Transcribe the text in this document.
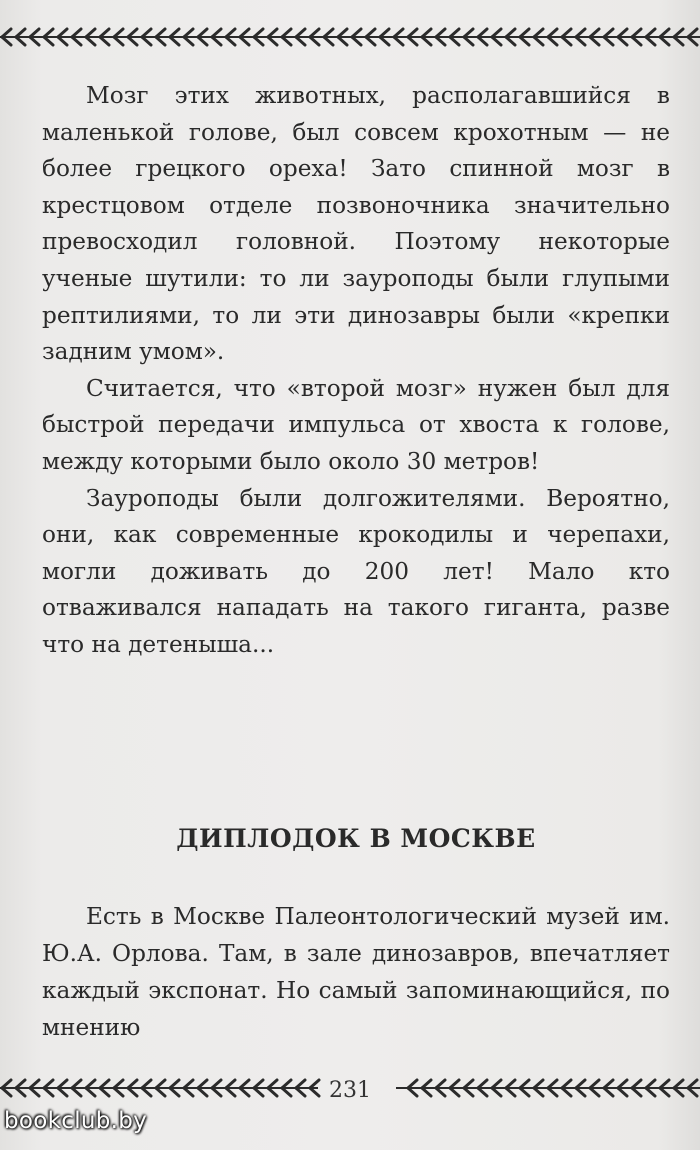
Мозг этих животных, располагавшийся в маленькой голове, был совсем крохотным — не более грецкого ореха! Зато спинной мозг в крестцовом отделе позвоночника значительно превосходил головной. Поэтому некоторые ученые шутили: то ли зауроподы были глупыми рептилиями, то ли эти динозавры были «крепки задним умом».

Считается, что «второй мозг» нужен был для быстрой передачи импульса от хвоста к голове, между которыми было около 30 метров!

Зауроподы были долгожителями. Вероятно, они, как современные крокодилы и черепахи, могли доживать до 200 лет! Мало кто отваживался нападать на такого гиганта, разве что на детеныша...

ДИПЛОДОК В МОСКВЕ

Есть в Москве Палеонтологический музей им. Ю.А. Орлова. Там, в зале динозавров, впечатляет каждый экспонат. Но самый запоминающийся, по мнению

231
bookclub.by
